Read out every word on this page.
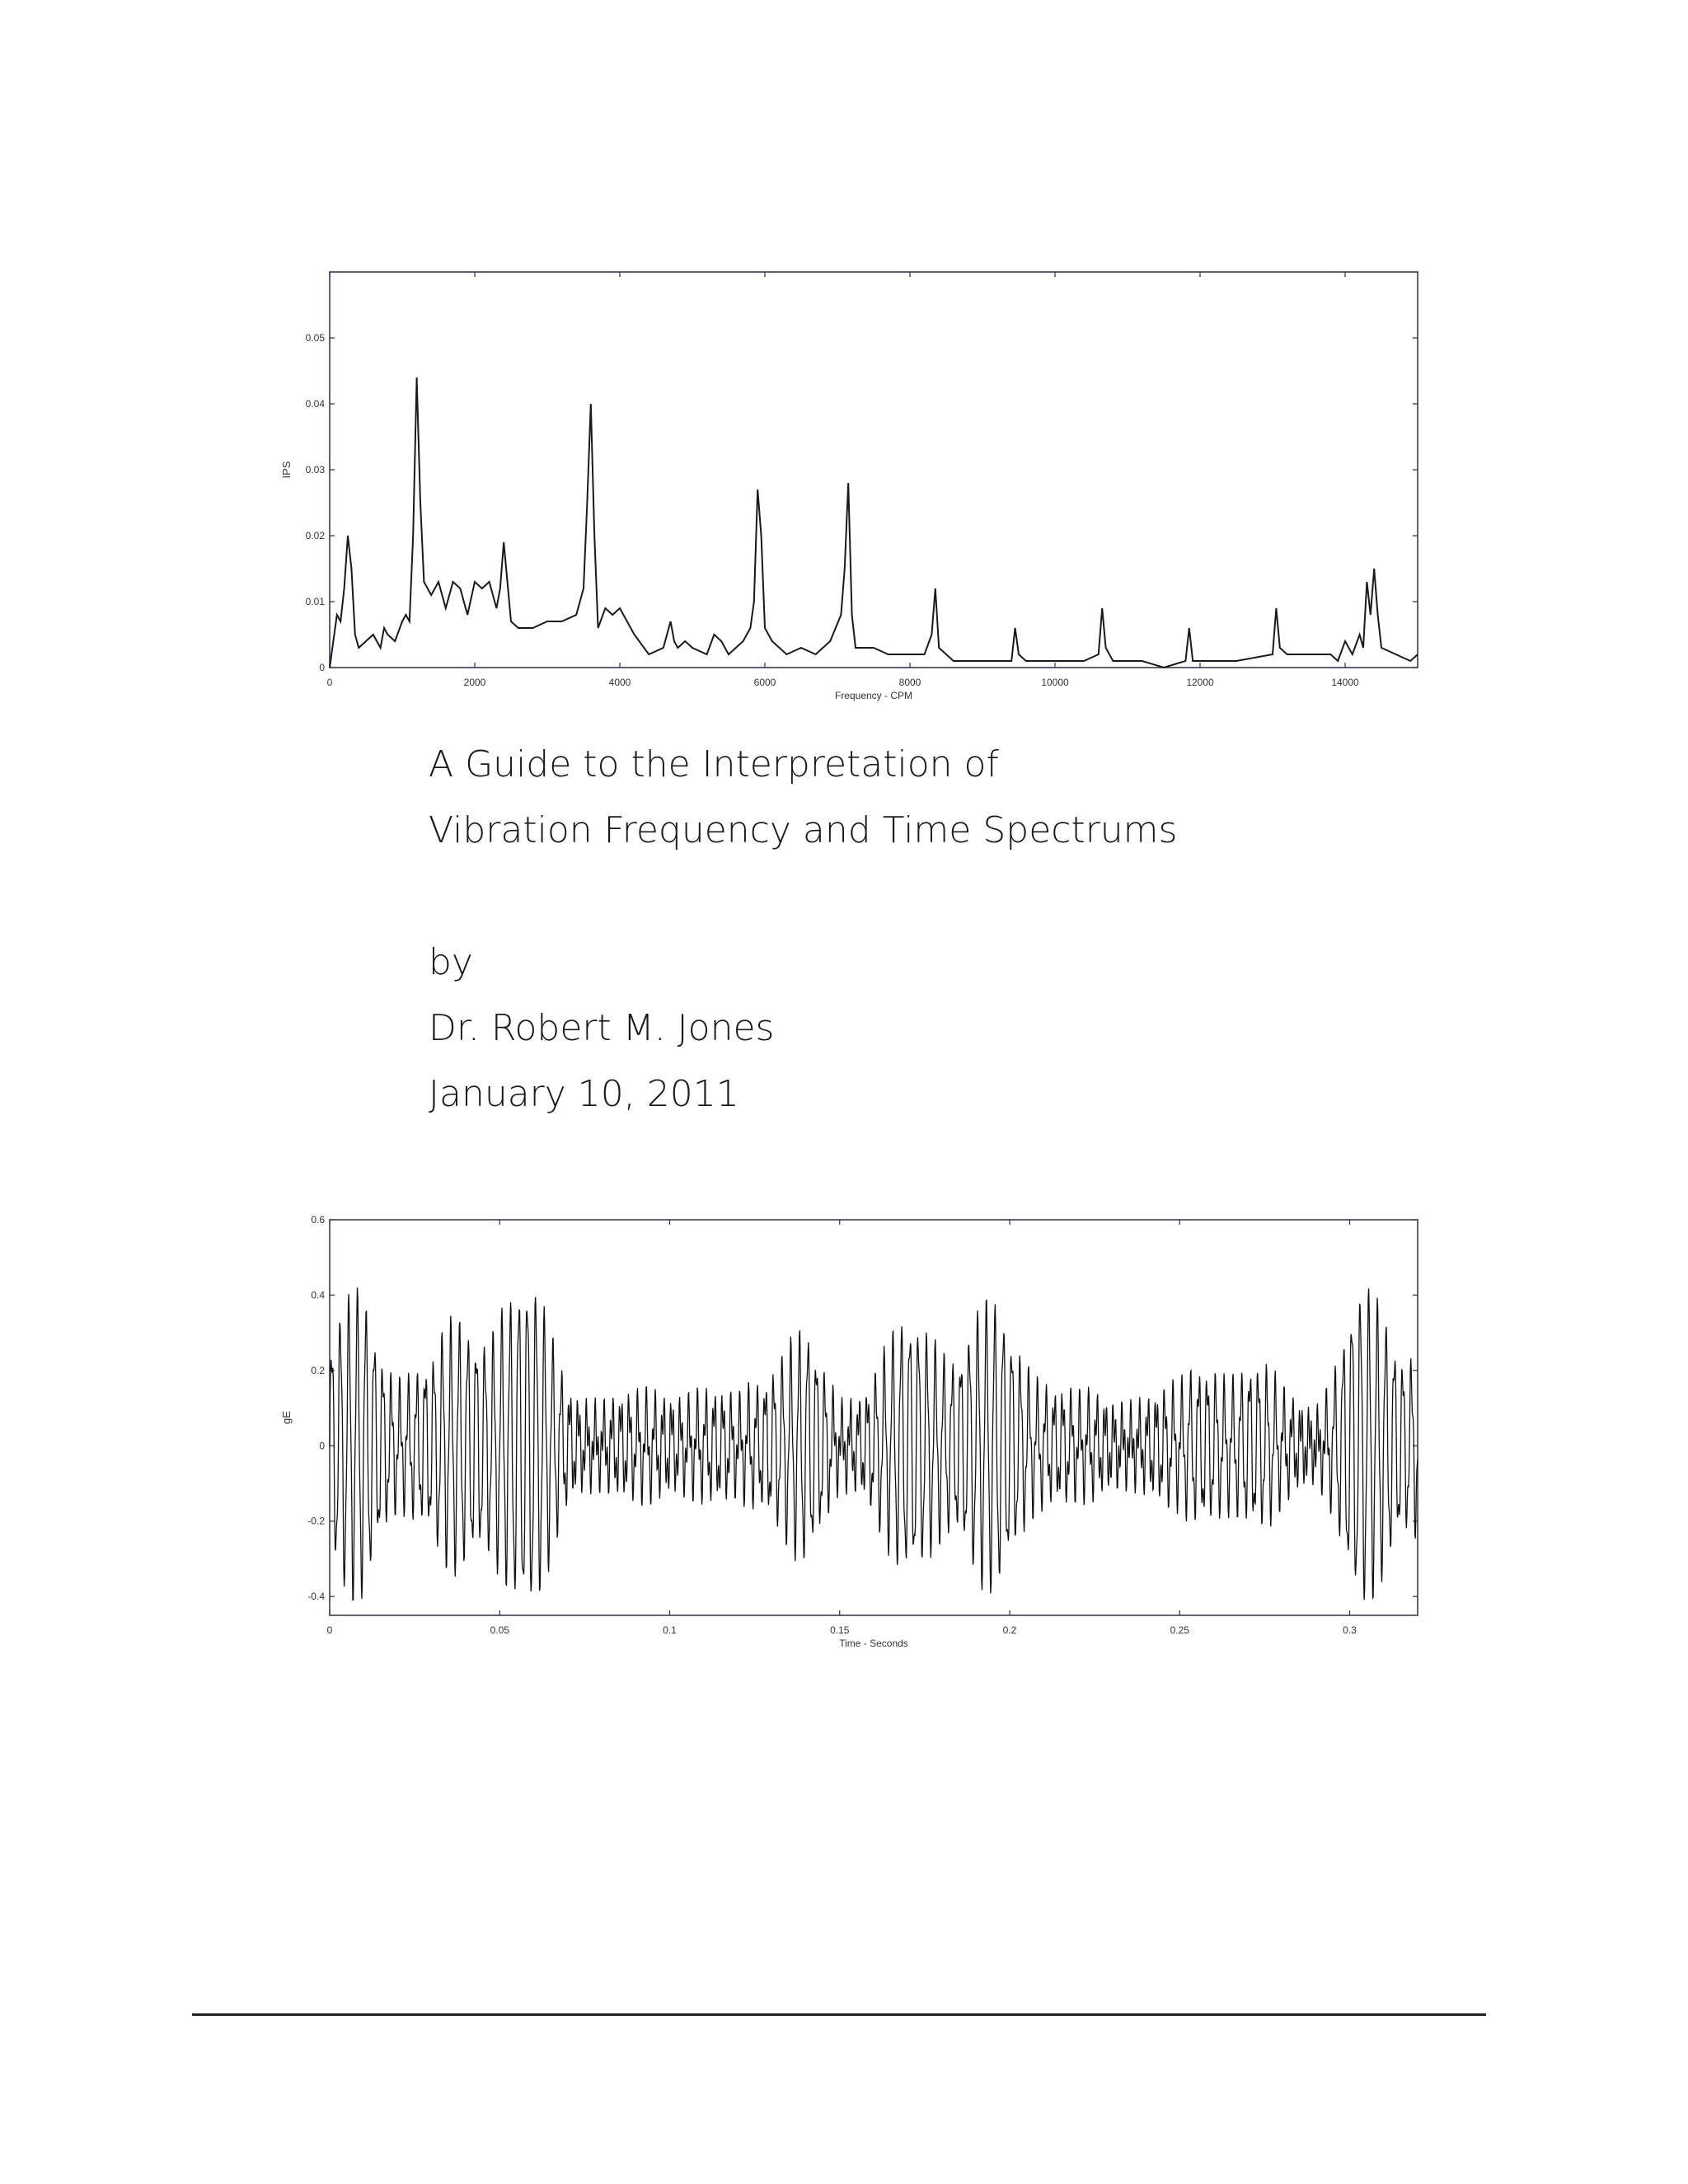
0	2000	4000	6000	8000	10000	12000	14000
0
0.01
0.02
0.03
0.04
0.05
Frequency - CPM
IPS

A Guide to the Interpretation of

Vibration Frequency and Time Spectrums

by

Dr. Robert M. Jones

January 10, 2011

0	0.05	0.1	0.15	0.2	0.25	0.3
-0.4
-0.2
0
0.2
0.4
0.6
Time - Seconds
gE
